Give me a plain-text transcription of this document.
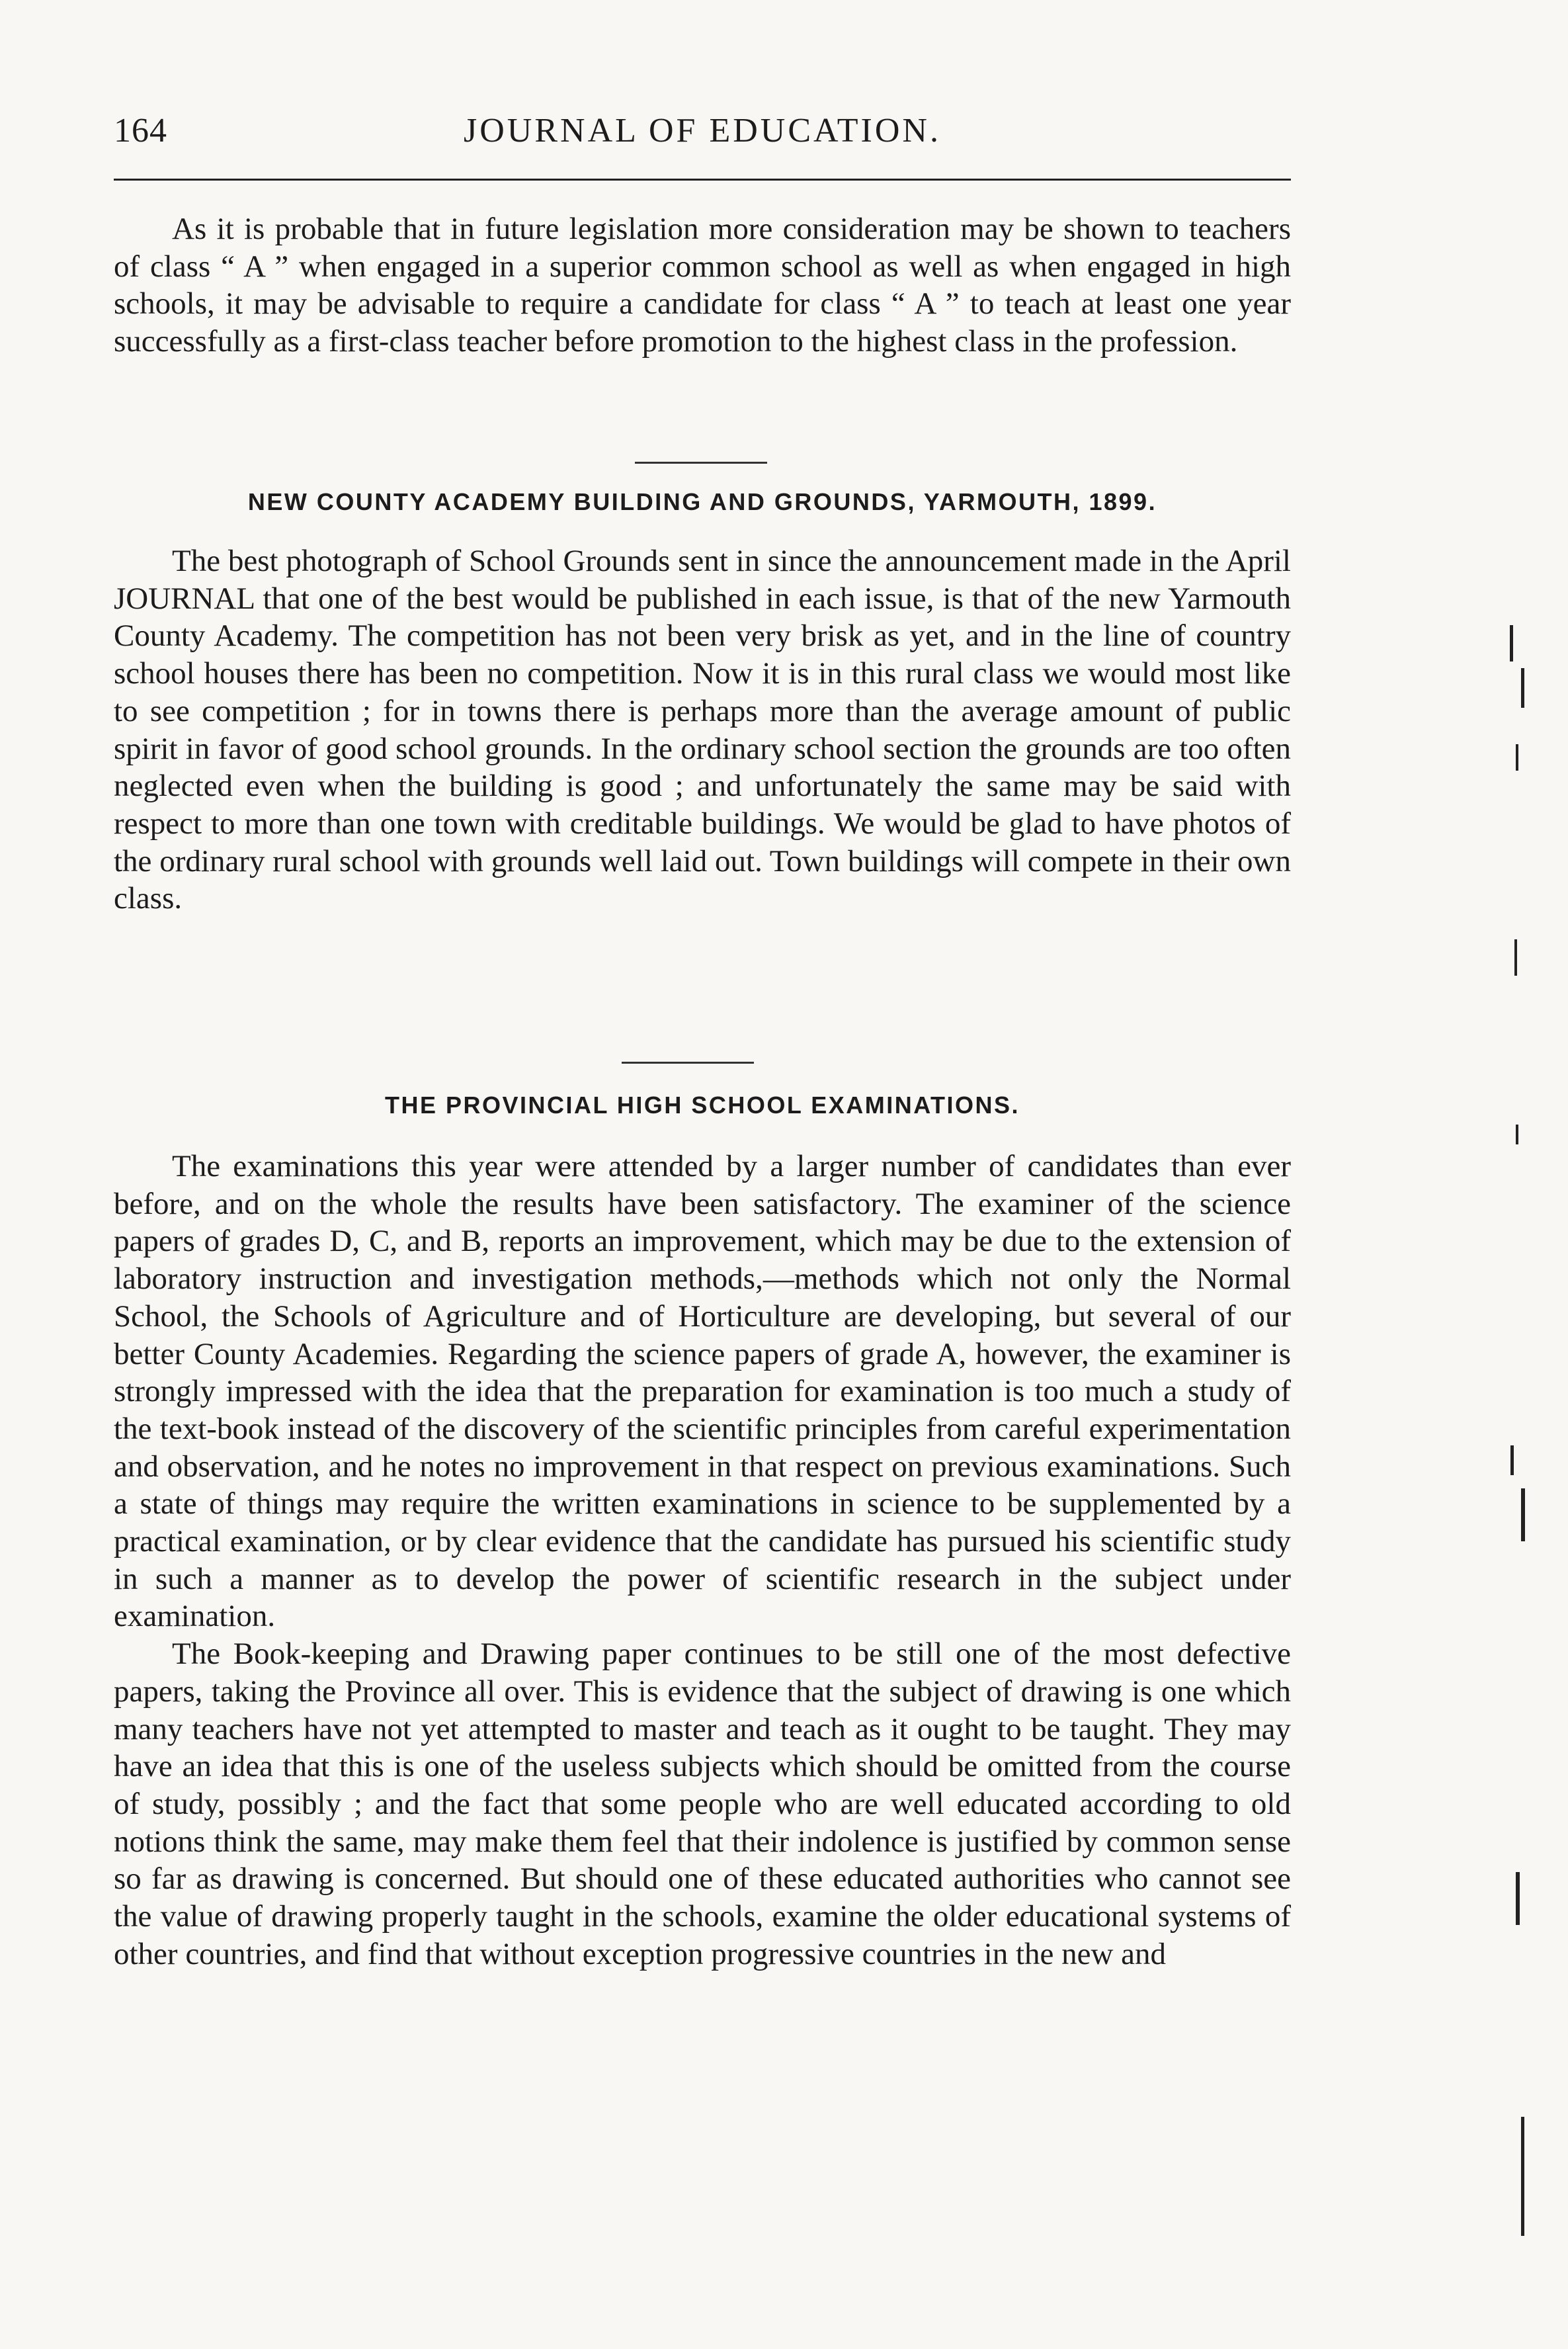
164	JOURNAL OF EDUCATION.

As it is probable that in future legislation more consideration may be shown to teachers of class “ A ” when engaged in a superior common school as well as when engaged in high schools, it may be advisable to require a candidate for class “ A ” to teach at least one year successfully as a first-class teacher before promotion to the highest class in the profession.

NEW COUNTY ACADEMY BUILDING AND GROUNDS, YARMOUTH, 1899.

The best photograph of School Grounds sent in since the announcement made in the April JOURNAL that one of the best would be published in each issue, is that of the new Yarmouth County Academy. The competition has not been very brisk as yet, and in the line of country school houses there has been no competition. Now it is in this rural class we would most like to see competition ; for in towns there is perhaps more than the average amount of public spirit in favor of good school grounds. In the ordinary school section the grounds are too often neglected even when the building is good ; and unfortunately the same may be said with respect to more than one town with creditable buildings. We would be glad to have photos of the ordinary rural school with grounds well laid out. Town buildings will compete in their own class.

THE PROVINCIAL HIGH SCHOOL EXAMINATIONS.

The examinations this year were attended by a larger number of candidates than ever before, and on the whole the results have been satisfactory. The examiner of the science papers of grades D, C, and B, reports an improvement, which may be due to the extension of laboratory instruction and investigation methods,—methods which not only the Normal School, the Schools of Agriculture and of Horticulture are developing, but several of our better County Academies. Regarding the science papers of grade A, however, the examiner is strongly impressed with the idea that the preparation for examination is too much a study of the text-book instead of the discovery of the scientific principles from careful experimentation and observation, and he notes no improvement in that respect on previous examinations. Such a state of things may require the written examinations in science to be supplemented by a practical examination, or by clear evidence that the candidate has pursued his scientific study in such a manner as to develop the power of scientific research in the subject under examination.

The Book-keeping and Drawing paper continues to be still one of the most defective papers, taking the Province all over. This is evidence that the subject of drawing is one which many teachers have not yet attempted to master and teach as it ought to be taught. They may have an idea that this is one of the useless subjects which should be omitted from the course of study, possibly ; and the fact that some people who are well educated according to old notions think the same, may make them feel that their indolence is justified by common sense so far as drawing is concerned. But should one of these educated authorities who cannot see the value of drawing properly taught in the schools, examine the older educational systems of other countries, and find that without exception progressive countries in the new and
